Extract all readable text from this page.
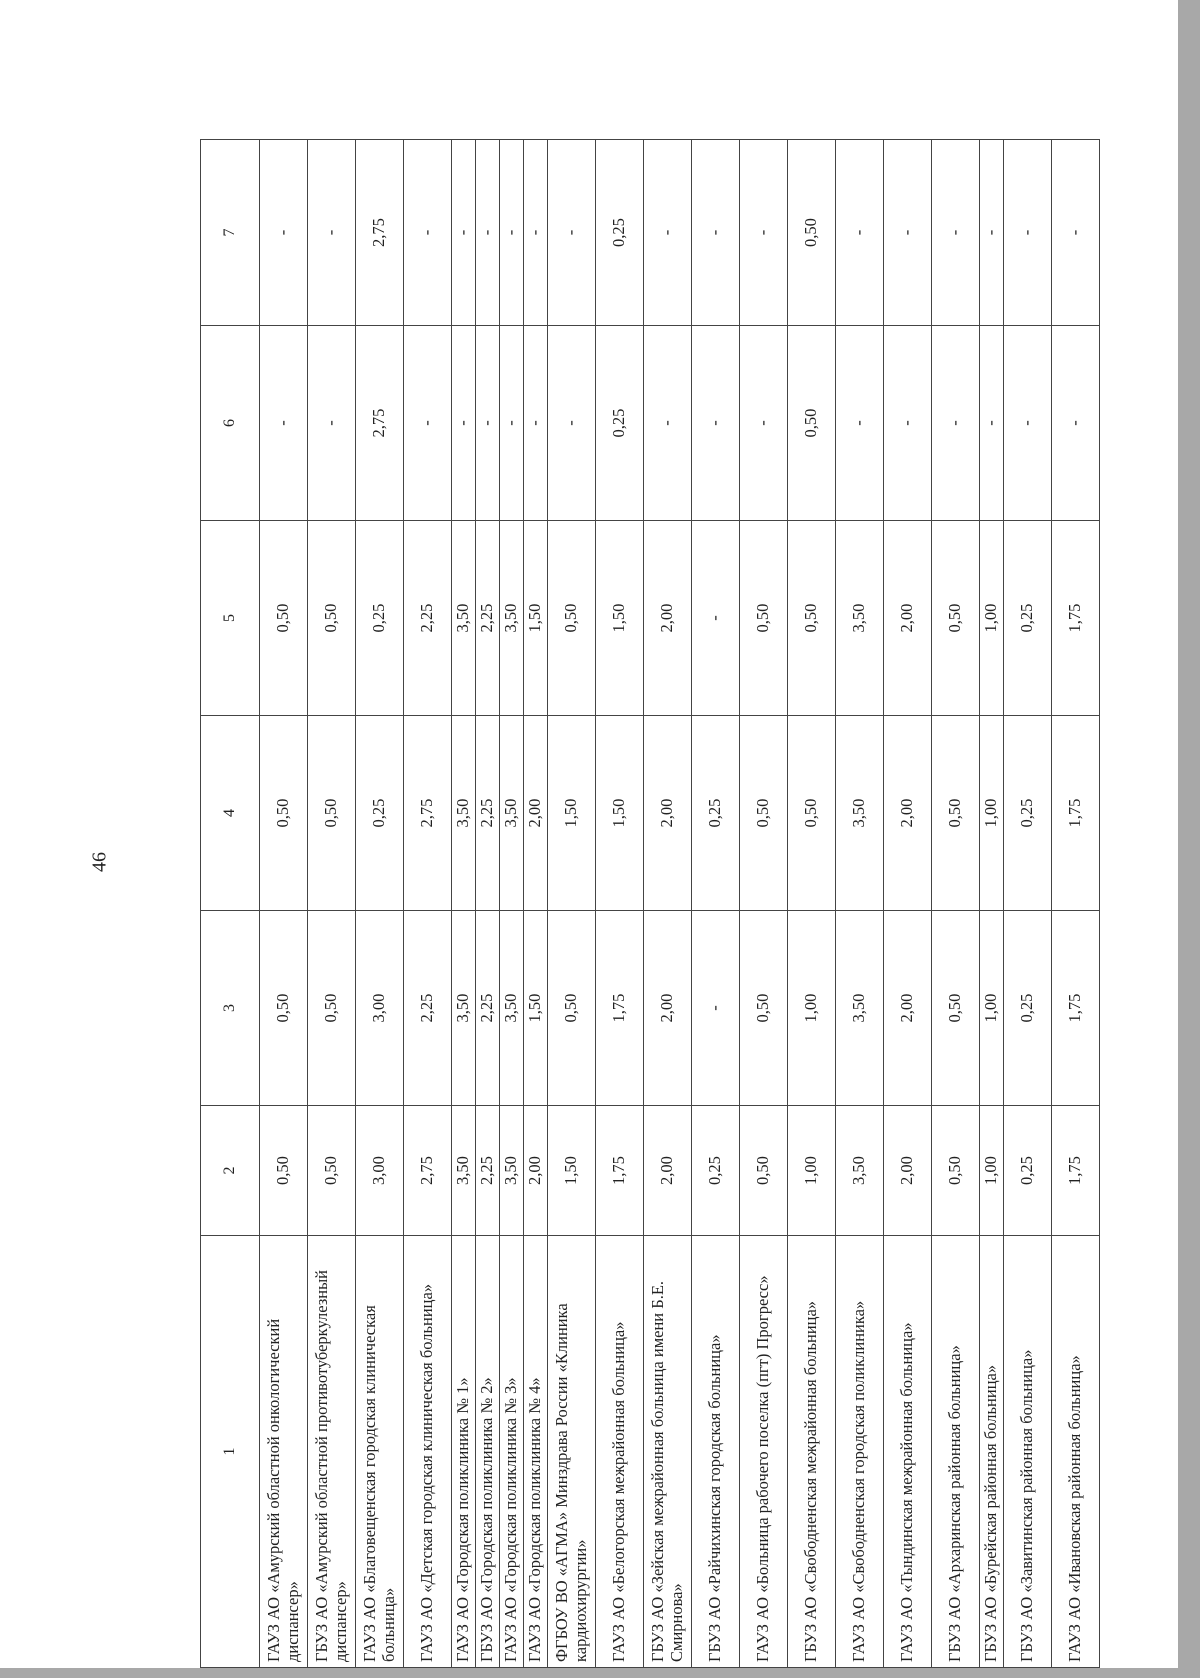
46
1	2	3	4	5	6	7
ГАУЗ АО «Амурский областной онкологический диспансер»	0,50	0,50	0,50	0,50	-	-
ГБУЗ АО «Амурский областной противотуберкулезный диспансер»	0,50	0,50	0,50	0,50	-	-
ГАУЗ АО «Благовещенская городская клиническая больница»	3,00	3,00	0,25	0,25	2,75	2,75
ГАУЗ АО «Детская городская клиническая больница»	2,75	2,25	2,75	2,25	-	-
ГАУЗ АО «Городская поликлиника № 1»	3,50	3,50	3,50	3,50	-	-
ГБУЗ АО «Городская поликлиника № 2»	2,25	2,25	2,25	2,25	-	-
ГАУЗ АО «Городская поликлиника № 3»	3,50	3,50	3,50	3,50	-	-
ГАУЗ АО «Городская поликлиника № 4»	2,00	1,50	2,00	1,50	-	-
ФГБОУ ВО «АГМА» Минздрава России «Клиника кардиохирургии»	1,50	0,50	1,50	0,50	-	-
ГАУЗ АО «Белогорская межрайонная больница»	1,75	1,75	1,50	1,50	0,25	0,25
ГБУЗ АО «Зейская межрайонная больница имени Б.Е. Смирнова»	2,00	2,00	2,00	2,00	-	-
ГБУЗ АО «Райчихинская городская больница»	0,25	-	0,25	-	-	-
ГАУЗ АО «Больница рабочего поселка (пгт) Прогресс»	0,50	0,50	0,50	0,50	-	-
ГБУЗ АО «Свободненская межрайонная больница»	1,00	1,00	0,50	0,50	0,50	0,50
ГАУЗ АО «Свободненская городская поликлиника»	3,50	3,50	3,50	3,50	-	-
ГАУЗ АО «Тындинская межрайонная больница»	2,00	2,00	2,00	2,00	-	-
ГБУЗ АО «Архаринская районная больница»	0,50	0,50	0,50	0,50	-	-
ГБУЗ АО «Бурейская районная больница»	1,00	1,00	1,00	1,00	-	-
ГБУЗ АО «Завитинская районная больница»	0,25	0,25	0,25	0,25	-	-
ГАУЗ АО «Ивановская районная больница»	1,75	1,75	1,75	1,75	-	-
